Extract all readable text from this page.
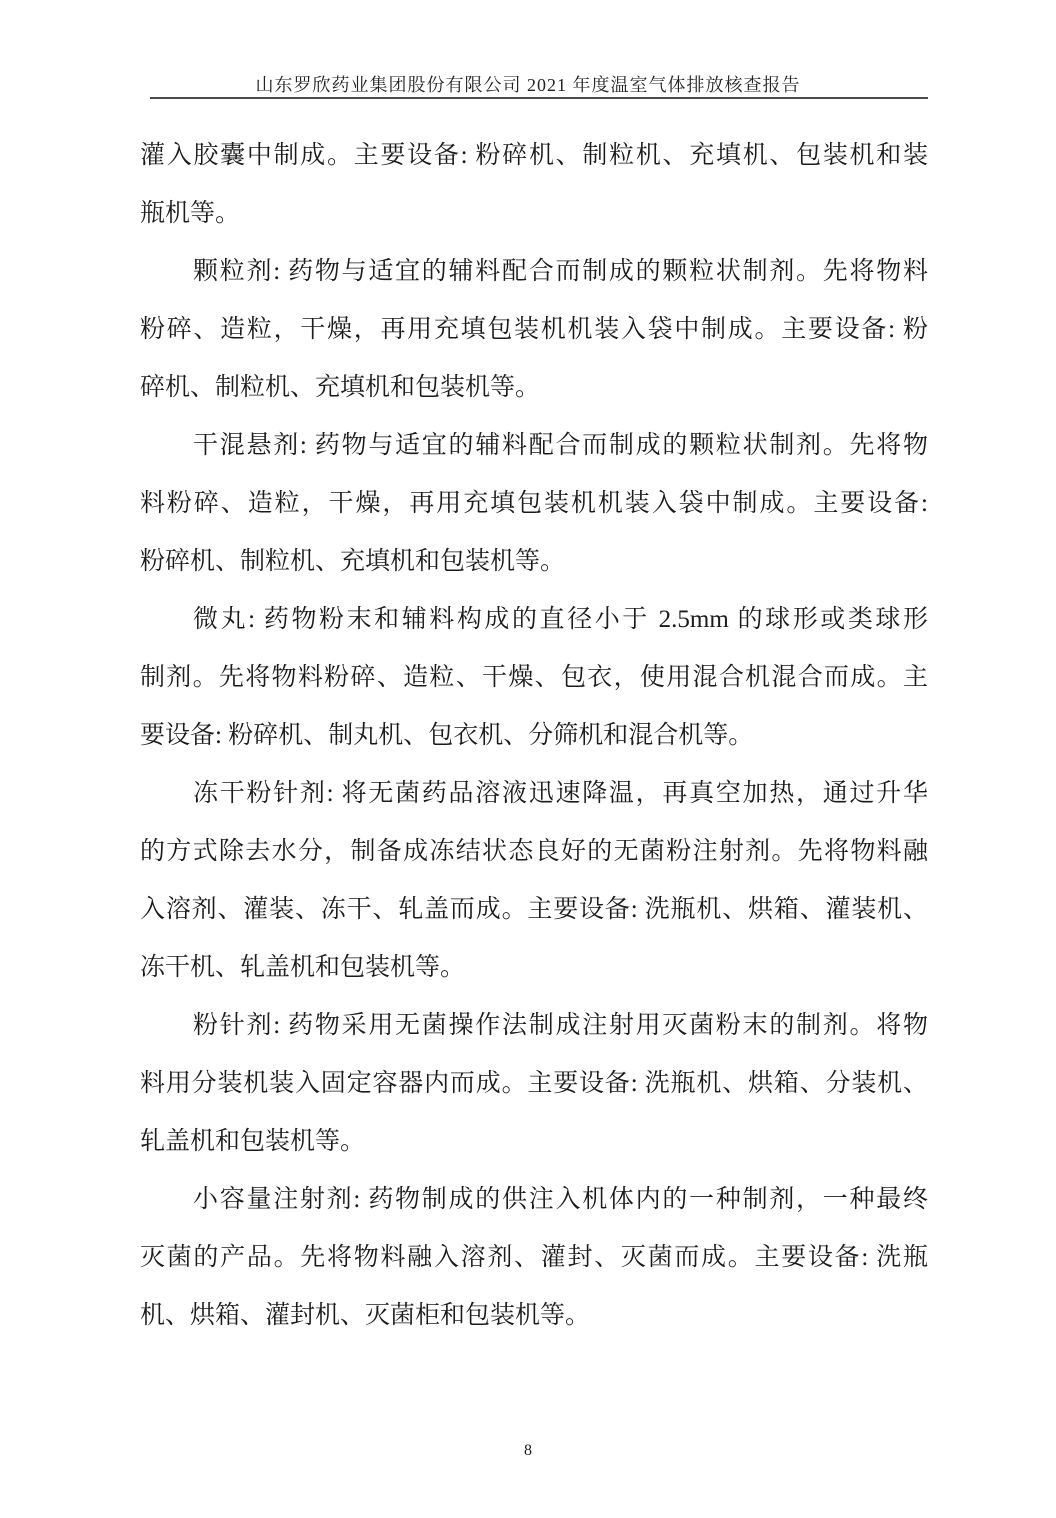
山东罗欣药业集团股份有限公司 2021 年度温室气体排放核查报告
灌入胶囊中制成。主要设备: 粉碎机、制粒机、充填机、包装机和装
瓶机等。
颗粒剂: 药物与适宜的辅料配合而制成的颗粒状制剂。先将物料
粉碎、造粒，干燥，再用充填包装机机装入袋中制成。主要设备: 粉
碎机、制粒机、充填机和包装机等。
干混悬剂: 药物与适宜的辅料配合而制成的颗粒状制剂。先将物
料粉碎、造粒，干燥，再用充填包装机机装入袋中制成。主要设备:
粉碎机、制粒机、充填机和包装机等。
微丸: 药物粉末和辅料构成的直径小于 2.5mm 的球形或类球形
制剂。先将物料粉碎、造粒、干燥、包衣，使用混合机混合而成。主
要设备: 粉碎机、制丸机、包衣机、分筛机和混合机等。
冻干粉针剂: 将无菌药品溶液迅速降温，再真空加热，通过升华
的方式除去水分，制备成冻结状态良好的无菌粉注射剂。先将物料融
入溶剂、灌装、冻干、轧盖而成。主要设备: 洗瓶机、烘箱、灌装机、
冻干机、轧盖机和包装机等。
粉针剂: 药物采用无菌操作法制成注射用灭菌粉末的制剂。将物
料用分装机装入固定容器内而成。主要设备: 洗瓶机、烘箱、分装机、
轧盖机和包装机等。
小容量注射剂: 药物制成的供注入机体内的一种制剂，一种最终
灭菌的产品。先将物料融入溶剂、灌封、灭菌而成。主要设备: 洗瓶
机、烘箱、灌封机、灭菌柜和包装机等。
8
